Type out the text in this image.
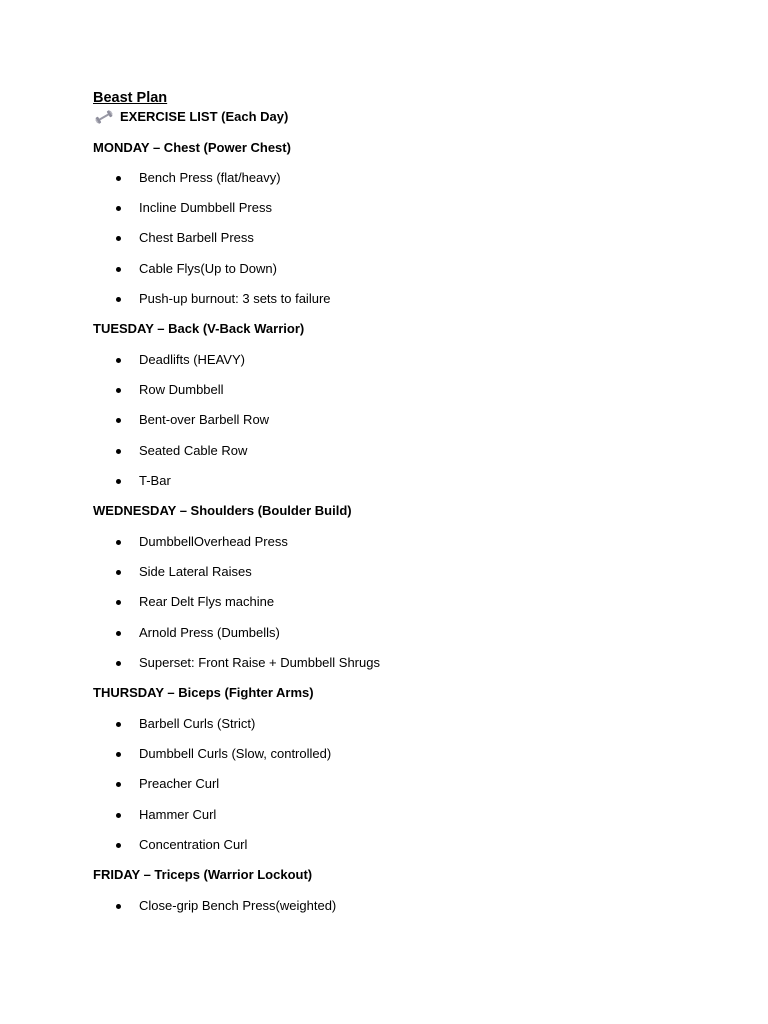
Beast Plan
EXERCISE LIST (Each Day)
MONDAY – Chest (Power Chest)
Bench Press (flat/heavy)
Incline Dumbbell Press
Chest Barbell Press
Cable Flys(Up to Down)
Push-up burnout: 3 sets to failure
TUESDAY – Back (V-Back Warrior)
Deadlifts (HEAVY)
Row Dumbbell
Bent-over Barbell Row
Seated Cable Row
T-Bar
WEDNESDAY – Shoulders (Boulder Build)
DumbbellOverhead Press
Side Lateral Raises
Rear Delt Flys machine
Arnold Press (Dumbells)
Superset: Front Raise + Dumbbell Shrugs
THURSDAY – Biceps (Fighter Arms)
Barbell Curls (Strict)
Dumbbell Curls (Slow, controlled)
Preacher Curl
Hammer Curl
Concentration Curl
FRIDAY – Triceps (Warrior Lockout)
Close-grip Bench Press(weighted)
